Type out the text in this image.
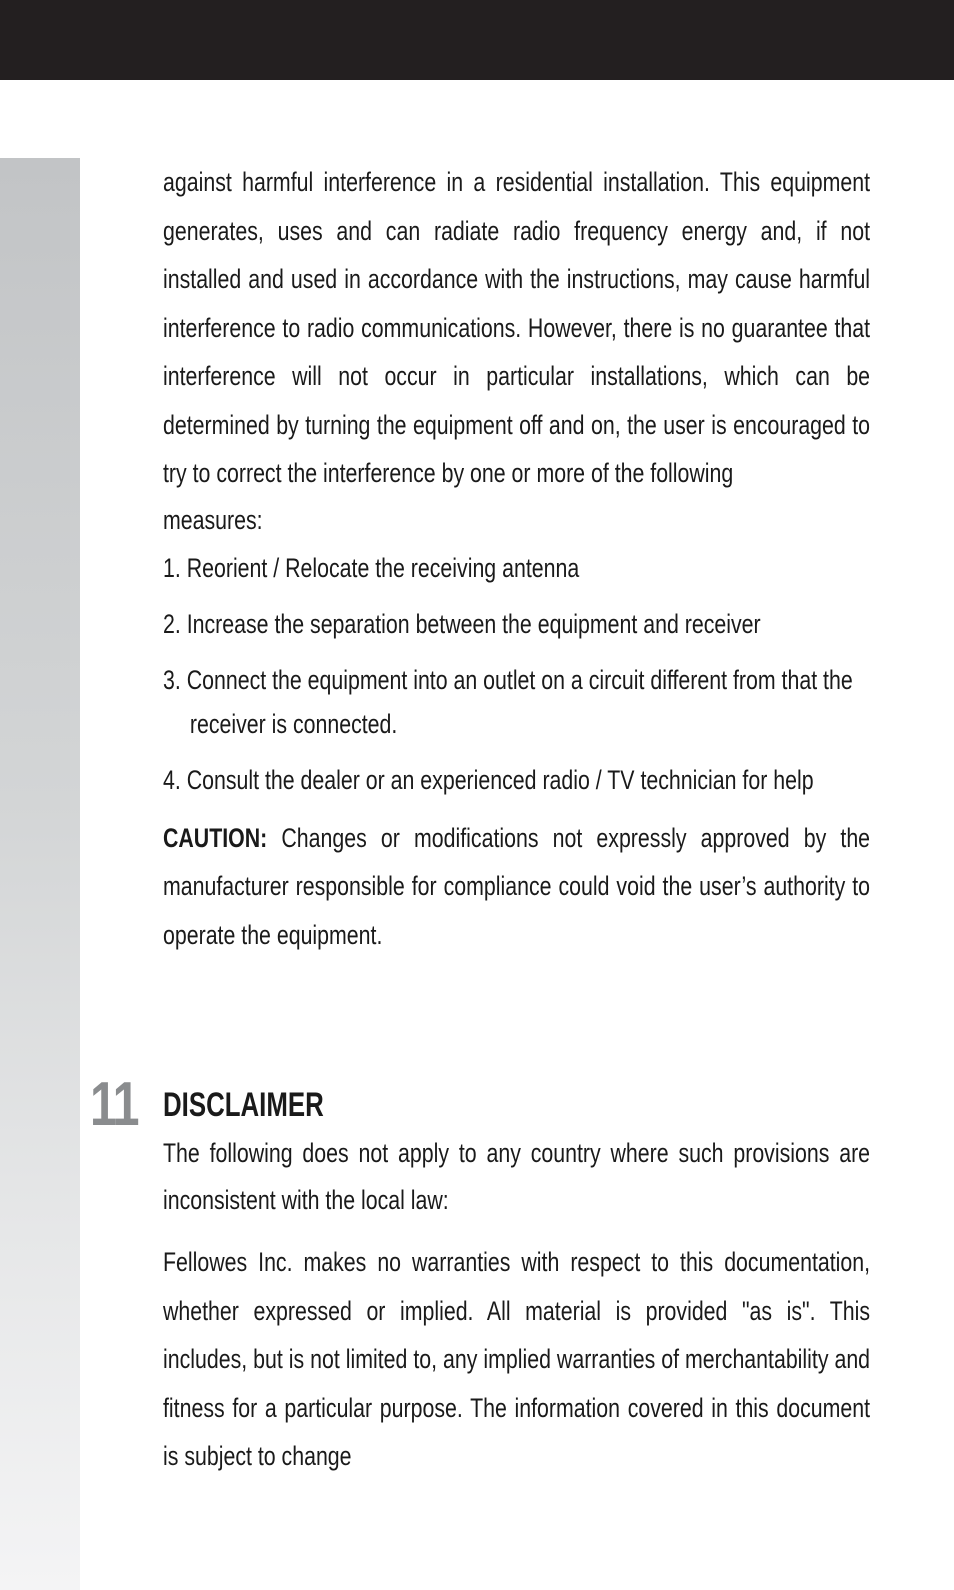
against harmful interference in a residential installation. This equipment generates, uses and can radiate radio frequency energy and, if not installed and used in accordance with the instructions, may cause harmful interference to radio communications. However, there is no guarantee that interference will not occur in particular installations, which can be determined by turning the equipment off and on, the user is encouraged to try to correct the interference by one or more of the following

measures:

1. Reorient / Relocate the receiving antenna
2. Increase the separation between the equipment and receiver
3. Connect the equipment into an outlet on a circuit different from that the receiver is connected.
4. Consult the dealer or an experienced radio / TV technician for help

CAUTION: Changes or modifications not expressly approved by the manufacturer responsible for compliance could void the user’s authority to operate the equipment.

11 DISCLAIMER

The following does not apply to any country where such provisions are inconsistent with the local law:

Fellowes Inc. makes no warranties with respect to this documentation, whether expressed or implied. All material is provided "as is". This includes, but is not limited to, any implied warranties of merchantability and fitness for a particular purpose. The information covered in this document is subject to change
